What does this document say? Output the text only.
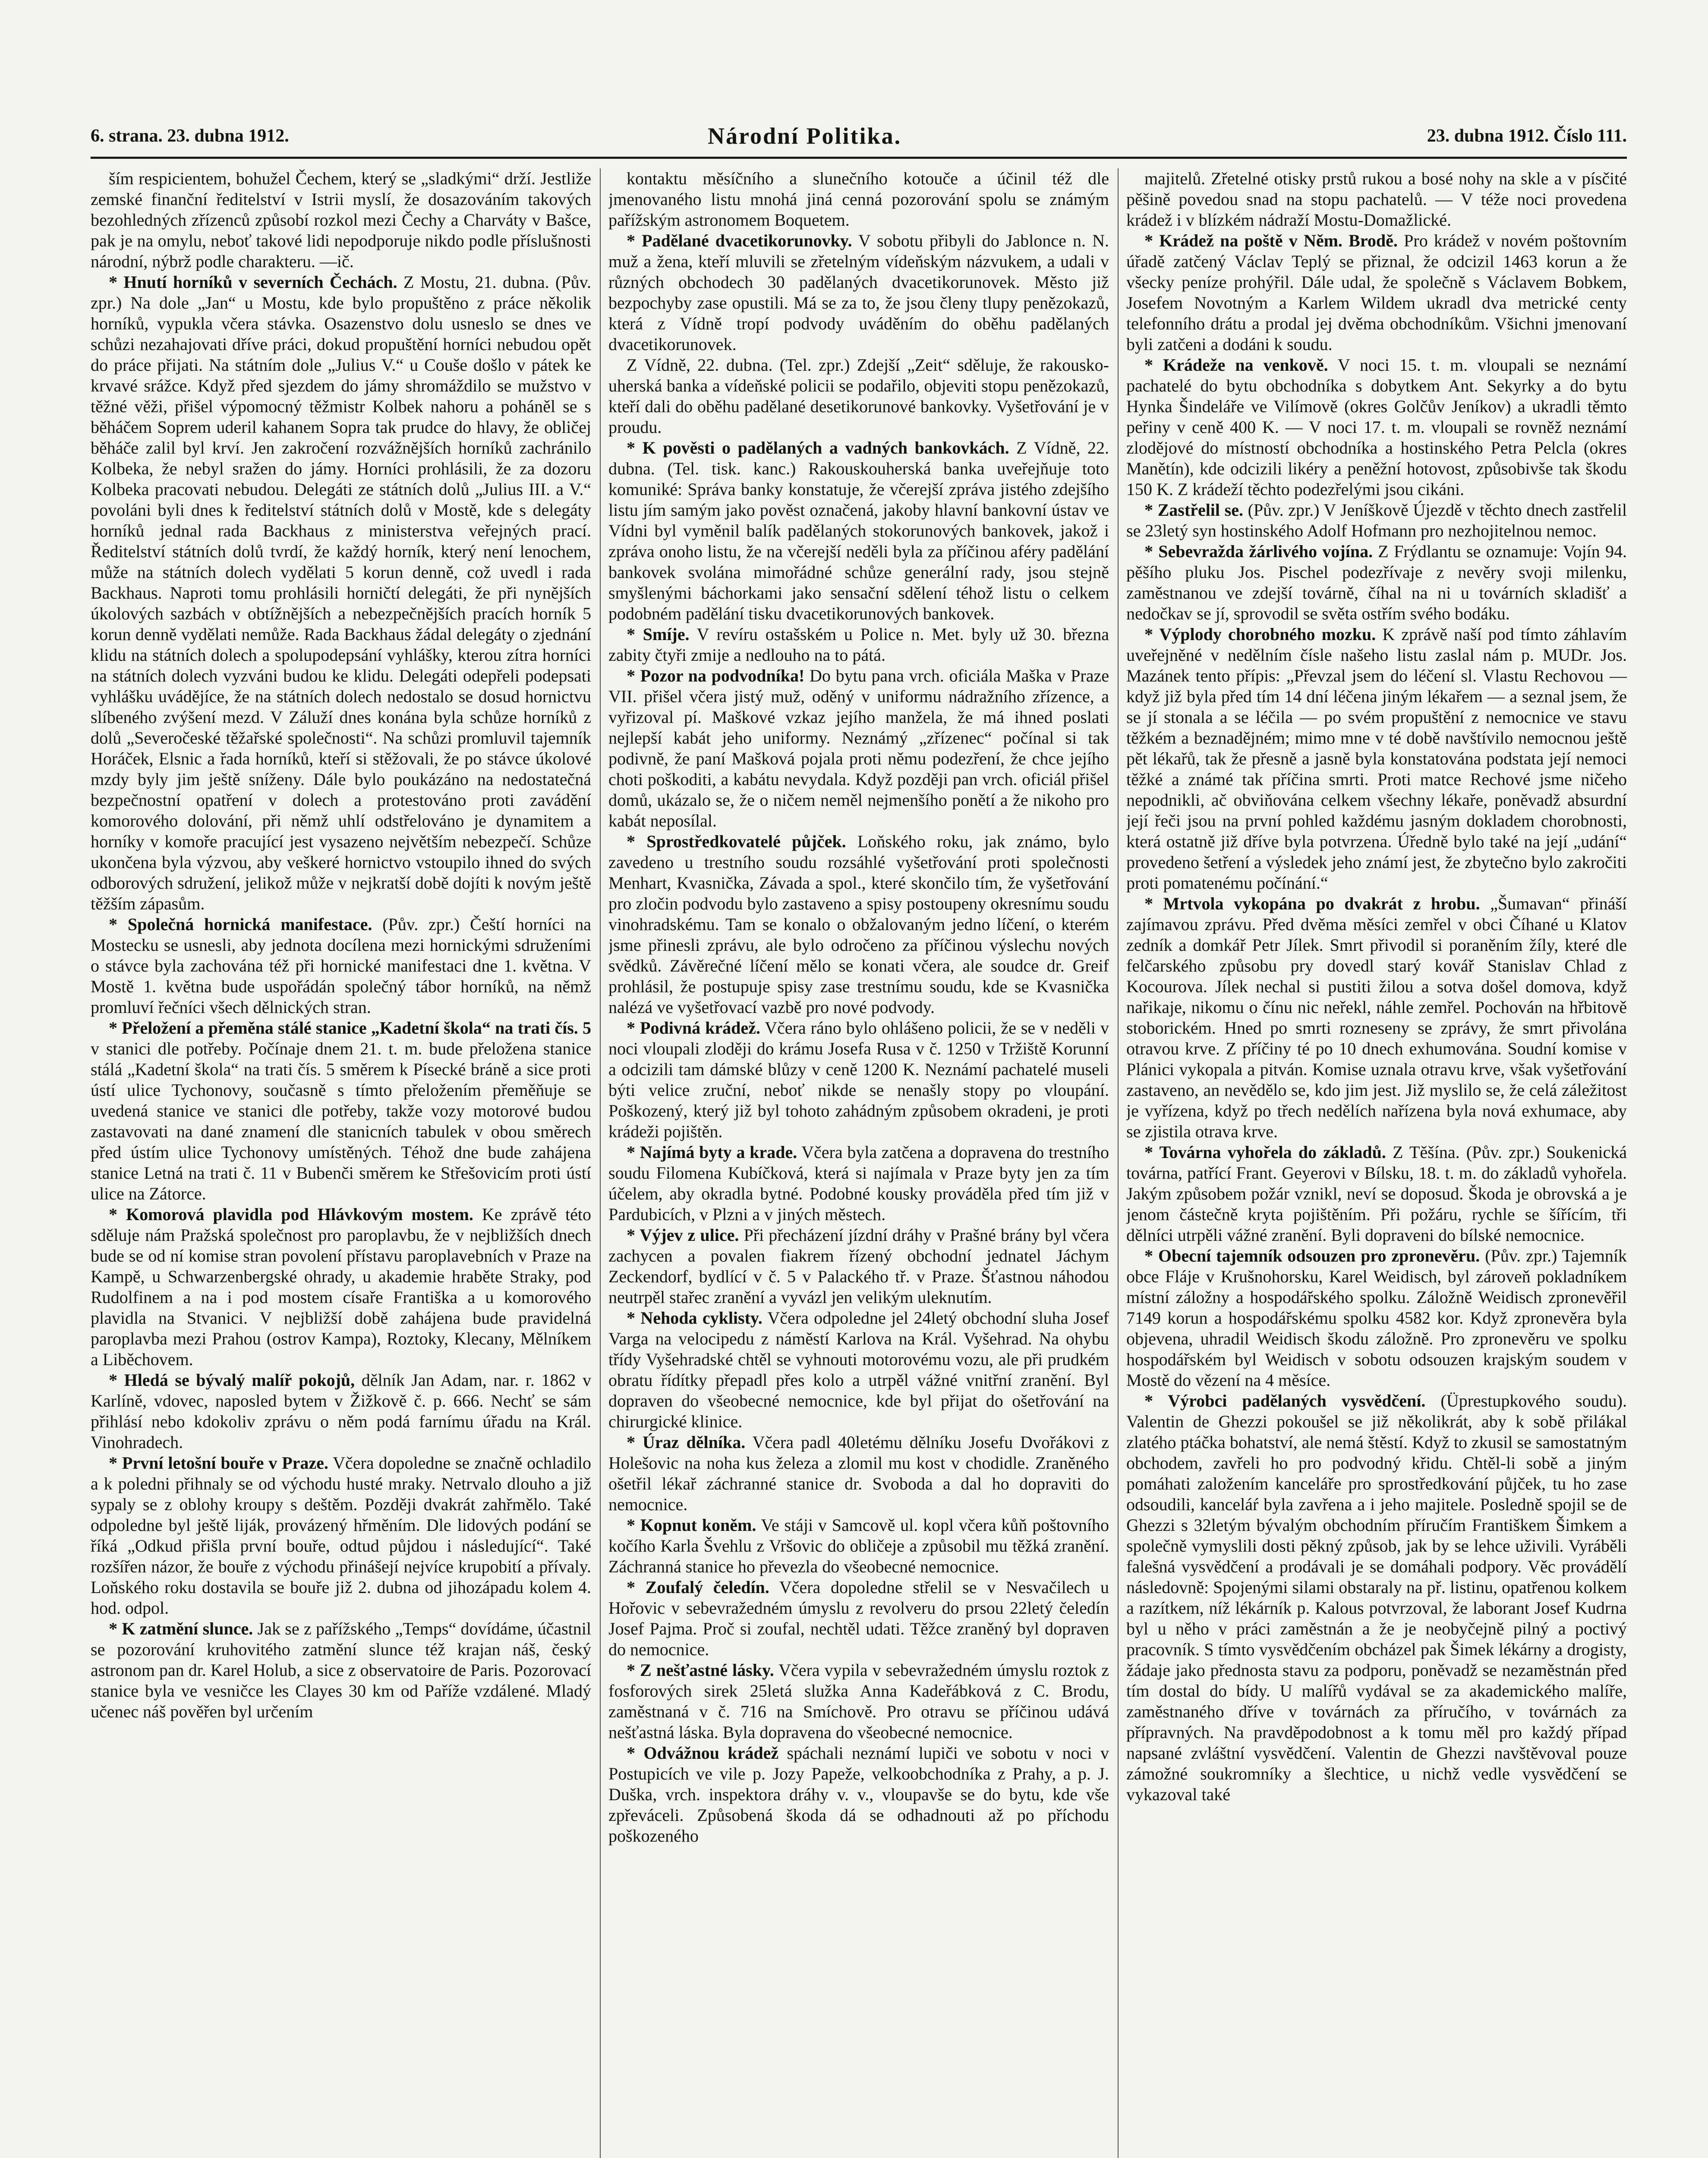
6. strana. 23. dubna 1912.	Národní Politika.	23. dubna 1912. Číslo 111.

ším respicientem, bohužel Čechem, který se „sladkými“ drží. Jestliže zemské finanční ředitelství v Istrii myslí, že dosazováním takových bezohledných zřízenců způsobí rozkol mezi Čechy a Charváty v Bašce, pak je na omylu, neboť takové lidi nepodporuje nikdo podle příslušnosti národní, nýbrž podle charakteru. —ič.

* Hnutí horníků v severních Čechách. Z Mostu, 21. dubna. (Pův. zpr.) Na dole „Jan“ u Mostu, kde bylo propuštěno z práce několik horníků, vypukla včera stávka. Osazenstvo dolu usneslo se dnes ve schůzi nezahajovati dříve práci, dokud propuštění horníci nebudou opět do práce přijati. Na státním dole „Julius V.“ u Couše došlo v pátek ke krvavé srážce. Když před sjezdem do jámy shromáždilo se mužstvo v těžné věži, přišel výpomocný těžmistr Kolbek nahoru a poháněl se s běháčem Soprem uderil kahanem Sopra tak prudce do hlavy, že obličej běháče zalil byl krví. Jen zakročení rozvážnějších horníků zachránilo Kolbeka, že nebyl sražen do jámy. Horníci prohlásili, že za dozoru Kolbeka pracovati nebudou. Delegáti ze státních dolů „Julius III. a V.“ povoláni byli dnes k ředitelství státních dolů v Mostě, kde s delegáty horníků jednal rada Backhaus z ministerstva veřejných prací. Ředitelství státních dolů tvrdí, že každý horník, který není lenochem, může na státních dolech vydělati 5 korun denně, což uvedl i rada Backhaus. Naproti tomu prohlásili horničtí delegáti, že při nynějších úkolových sazbách v obtížnějších a nebezpečnějších pracích horník 5 korun denně vydělati nemůže. Rada Backhaus žádal delegáty o zjednání klidu na státních dolech a spolupodepsání vyhlášky, kterou zítra horníci na státních dolech vyzváni budou ke klidu. Delegáti odepřeli podepsati vyhlášku uvádějíce, že na státních dolech nedostalo se dosud hornictvu slíbeného zvýšení mezd. V Záluží dnes konána byla schůze horníků z dolů „Severočeské těžařské společnosti“. Na schůzi promluvil tajemník Horáček, Elsnic a řada horníků, kteří si stěžovali, že po stávce úkolové mzdy byly jim ještě sníženy. Dále bylo poukázáno na nedostatečná bezpečnostní opatření v dolech a protestováno proti zavádění komorového dolování, při němž uhlí odstřelováno je dynamitem a horníky v komoře pracující jest vysazeno největším nebezpečí. Schůze ukončena byla výzvou, aby veškeré hornictvo vstoupilo ihned do svých odborových sdružení, jelikož může v nejkratší době dojíti k novým ještě těžším zápasům.

* Společná hornická manifestace. (Pův. zpr.) Čeští horníci na Mostecku se usnesli, aby jednota docílena mezi hornickými sdruženími o stávce byla zachována též při hornické manifestaci dne 1. května. V Mostě 1. května bude uspořádán společný tábor horníků, na němž promluví řečníci všech dělnických stran.

* Přeložení a přeměna stálé stanice „Kadetní škola“ na trati čís. 5 v stanici dle potřeby. Počínaje dnem 21. t. m. bude přeložena stanice stálá „Kadetní škola“ na trati čís. 5 směrem k Písecké bráně a sice proti ústí ulice Tychonovy, současně s tímto přeložením přeměňuje se uvedená stanice ve stanici dle potřeby, takže vozy motorové budou zastavovati na dané znamení dle stanicních tabulek v obou směrech před ústím ulice Tychonovy umístěných. Téhož dne bude zahájena stanice Letná na trati č. 11 v Bubenči směrem ke Střešovicím proti ústí ulice na Zátorce.

* Komorová plavidla pod Hlávkovým mostem. Ke zprávě této sděluje nám Pražská společnost pro paroplavbu, že v nejbližších dnech bude se od ní komise stran povolení přístavu paroplavebních v Praze na Kampě, u Schwarzenbergské ohrady, u akademie hraběte Straky, pod Rudolfinem a na i pod mostem císaře Františka a u komorového plavidla na Stvanici. V nejbližší době zahájena bude pravidelná paroplavba mezi Prahou (ostrov Kampa), Roztoky, Klecany, Mělníkem a Liběchovem.

* Hledá se bývalý malíř pokojů, dělník Jan Adam, nar. r. 1862 v Karlíně, vdovec, naposled bytem v Žižkově č. p. 666. Nechť se sám přihlásí nebo kdokoliv zprávu o něm podá farnímu úřadu na Král. Vinohradech.

* První letošní bouře v Praze. Včera dopoledne se značně ochladilo a k poledni přihnaly se od východu husté mraky. Netrvalo dlouho a již sypaly se z oblohy kroupy s deštěm. Později dvakrát zahřmělo. Také odpoledne byl ještě liják, provázený hřměním. Dle lidových podání se říká „Odkud přišla první bouře, odtud půjdou i následující“. Také rozšířen názor, že bouře z východu přinášejí nejvíce krupobití a přívaly. Loňského roku dostavila se bouře již 2. dubna od jihozápadu kolem 4. hod. odpol.

* K zatmění slunce. Jak se z pařížského „Temps“ dovídáme, účastnil se pozorování kruhovitého zatmění slunce též krajan náš, český astronom pan dr. Karel Holub, a sice z observatoire de Paris. Pozorovací stanice byla ve vesničce les Clayes 30 km od Paříže vzdálené. Mladý učenec náš pověřen byl určením

kontaktu měsíčního a slunečního kotouče a účinil též dle jmenovaného listu mnohá jiná cenná pozorování spolu se známým pařížským astronomem Boquetem.

* Padělané dvacetikorunovky. V sobotu přibyli do Jablonce n. N. muž a žena, kteří mluvili se zřetelným vídeňským názvukem, a udali v různých obchodech 30 padělaných dvacetikorunovek. Město již bezpochyby zase opustili. Má se za to, že jsou členy tlupy penězokazů, která z Vídně tropí podvody uváděním do oběhu padělaných dvacetikorunovek.

Z Vídně, 22. dubna. (Tel. zpr.) Zdejší „Zeit“ sděluje, že rakousko-uherská banka a vídeňské policii se podařilo, objeviti stopu penězokazů, kteří dali do oběhu padělané desetikorunové bankovky. Vyšetřování je v proudu.

* K pověsti o padělaných a vadných bankovkách. Z Vídně, 22. dubna. (Tel. tisk. kanc.) Rakouskouherská banka uveřejňuje toto komuniké: Správa banky konstatuje, že včerejší zpráva jistého zdejšího listu jím samým jako pověst označená, jakoby hlavní bankovní ústav ve Vídni byl vyměnil balík padělaných stokorunových bankovek, jakož i zpráva onoho listu, že na včerejší neděli byla za příčinou aféry padělání bankovek svolána mimořádné schůze generální rady, jsou stejně smyšlenými báchorkami jako sensační sdělení téhož listu o celkem podobném padělání tisku dvacetikorunových bankovek.

* Smíje. V revíru ostašském u Police n. Met. byly už 30. března zabity čtyři zmije a nedlouho na to pátá.

* Pozor na podvodníka! Do bytu pana vrch. oficiála Maška v Praze VII. přišel včera jistý muž, oděný v uniformu nádražního zřízence, a vyřizoval pí. Maškové vzkaz jejího manžela, že má ihned poslati nejlepší kabát jeho uniformy. Neznámý „zřízenec“ počínal si tak podivně, že paní Mašková pojala proti němu podezření, že chce jejího choti poškoditi, a kabátu nevydala. Když později pan vrch. oficiál přišel domů, ukázalo se, že o ničem neměl nejmenšího ponětí a že nikoho pro kabát neposílal.

* Sprostředkovatelé půjček. Loňského roku, jak známo, bylo zavedeno u trestního soudu rozsáhlé vyšetřování proti společnosti Menhart, Kvasnička, Závada a spol., které skončilo tím, že vyšetřování pro zločin podvodu bylo zastaveno a spisy postoupeny okresnímu soudu vinohradskému. Tam se konalo o obžalovaným jedno líčení, o kterém jsme přinesli zprávu, ale bylo odročeno za příčinou výslechu nových svědků. Závěrečné líčení mělo se konati včera, ale soudce dr. Greif prohlásil, že postupuje spisy zase trestnímu soudu, kde se Kvasnička nalézá ve vyšetřovací vazbě pro nové podvody.

* Podivná krádež. Včera ráno bylo ohlášeno policii, že se v neděli v noci vloupali zloději do krámu Josefa Rusa v č. 1250 v Tržiště Korunní a odcizili tam dámské blůzy v ceně 1200 K. Neznámí pachatelé museli býti velice zruční, neboť nikde se nenašly stopy po vloupání. Poškozený, který již byl tohoto zahádným způsobem okradeni, je proti krádeži pojištěn.

* Najímá byty a krade. Včera byla zatčena a dopravena do trestního soudu Filomena Kubíčková, která si najímala v Praze byty jen za tím účelem, aby okradla bytné. Podobné kousky prováděla před tím již v Pardubicích, v Plzni a v jiných městech.

* Výjev z ulice. Při přecházení jízdní dráhy v Prašné brány byl včera zachycen a povalen fiakrem řízený obchodní jednatel Jáchym Zeckendorf, bydlící v č. 5 v Palackého tř. v Praze. Šťastnou náhodou neutrpěl stařec zranění a vyvázl jen velikým uleknutím.

* Nehoda cyklisty. Včera odpoledne jel 24letý obchodní sluha Josef Varga na velocipedu z náměstí Karlova na Král. Vyšehrad. Na ohybu třídy Vyšehradské chtěl se vyhnouti motorovému vozu, ale při prudkém obratu řídítky přepadl přes kolo a utrpěl vážné vnitřní zranění. Byl dopraven do všeobecné nemocnice, kde byl přijat do ošetřování na chirurgické klinice.

* Úraz dělníka. Včera padl 40letému dělníku Josefu Dvořákovi z Holešovic na noha kus železa a zlomil mu kost v chodidle. Zraněného ošetřil lékař záchranné stanice dr. Svoboda a dal ho dopraviti do nemocnice.

* Kopnut koněm. Ve stáji v Samcově ul. kopl včera kůň poštovního kočího Karla Švehlu z Vršovic do obličeje a způsobil mu těžká zranění. Záchranná stanice ho převezla do všeobecné nemocnice.

* Zoufalý čeledín. Včera dopoledne střelil se v Nesvačilech u Hořovic v sebevražedném úmyslu z revolveru do prsou 22letý čeledín Josef Pajma. Proč si zoufal, nechtěl udati. Těžce zraněný byl dopraven do nemocnice.

* Z nešťastné lásky. Včera vypila v sebevražedném úmyslu roztok z fosforových sirek 25letá služka Anna Kadeřábková z C. Brodu, zaměstnaná v č. 716 na Smíchově. Pro otravu se příčinou udává nešťastná láska. Byla dopravena do všeobecné nemocnice.

* Odvážnou krádež spáchali neznámí lupiči ve sobotu v noci v Postupicích ve vile p. Jozy Papeže, velkoobchodníka z Prahy, a p. J. Duška, vrch. inspektora dráhy v. v., vloupavše se do bytu, kde vše zpřeváceli. Způsobená škoda dá se odhadnouti až po příchodu poškozeného

majitelů. Zřetelné otisky prstů rukou a bosé nohy na skle a v písčité pěšině povedou snad na stopu pachatelů. — V téže noci provedena krádež i v blízkém nádraží Mostu-Domažlické.

* Krádež na poště v Něm. Brodě. Pro krádež v novém poštovním úřadě zatčený Václav Teplý se přiznal, že odcizil 1463 korun a že všecky peníze prohýřil. Dále udal, že společně s Václavem Bobkem, Josefem Novotným a Karlem Wildem ukradl dva metrické centy telefonního drátu a prodal jej dvěma obchodníkům. Všichni jmenovaní byli zatčeni a dodáni k soudu.

* Krádeže na venkově. V noci 15. t. m. vloupali se neznámí pachatelé do bytu obchodníka s dobytkem Ant. Sekyrky a do bytu Hynka Šindeláře ve Vilímově (okres Golčův Jeníkov) a ukradli těmto peřiny v ceně 400 K. — V noci 17. t. m. vloupali se rovněž neznámí zlodějové do místností obchodníka a hostinského Petra Pelcla (okres Manětín), kde odcizili likéry a peněžní hotovost, způsobivše tak škodu 150 K. Z krádeží těchto podezřelými jsou cikáni.

* Zastřelil se. (Pův. zpr.) V Jeníškově Újezdě v těchto dnech zastřelil se 23letý syn hostinského Adolf Hofmann pro nezhojitelnou nemoc.

* Sebevražda žárlivého vojína. Z Frýdlantu se oznamuje: Vojín 94. pěšího pluku Jos. Pischel podezřívaje z nevěry svoji milenku, zaměstnanou ve zdejší továrně, číhal na ni u továrních skladišť a nedočkav se jí, sprovodil se světa ostřím svého bodáku.

* Výplody chorobného mozku. K zprávě naší pod tímto záhlavím uveřejněné v nedělním čísle našeho listu zaslal nám p. MUDr. Jos. Mazánek tento přípis: „Převzal jsem do léčení sl. Vlastu Rechovou — když již byla před tím 14 dní léčena jiným lékařem — a seznal jsem, že se jí stonala a se léčila — po svém propuštění z nemocnice ve stavu těžkém a beznadějném; mimo mne v té době navštívilo nemocnou ještě pět lékařů, tak že přesně a jasně byla konstatována podstata její nemoci těžké a známé tak příčina smrti. Proti matce Rechové jsme ničeho nepodnikli, ač obviňována celkem všechny lékaře, poněvadž absurdní její řeči jsou na první pohled každému jasným dokladem chorobnosti, která ostatně již dříve byla potvrzena. Úředně bylo také na její „udání“ provedeno šetření a výsledek jeho známí jest, že zbytečno bylo zakročiti proti pomatenému počínání.“

* Mrtvola vykopána po dvakrát z hrobu. „Šumavan“ přináší zajímavou zprávu. Před dvěma měsíci zemřel v obci Číhané u Klatov zedník a domkář Petr Jílek. Smrt přivodil si poraněním žíly, které dle felčarského způsobu pry dovedl starý kovář Stanislav Chlad z Kocourova. Jílek nechal si pustiti žilou a sotva došel domova, když nařikaje, nikomu o čínu nic neřekl, náhle zemřel. Pochován na hřbitově stoborickém. Hned po smrti rozneseny se zprávy, že smrt přivolána otravou krve. Z příčiny té po 10 dnech exhumována. Soudní komise v Plánici vykopala a pitván. Komise uznala otravu krve, však vyšetřování zastaveno, an nevědělo se, kdo jim jest. Již myslilo se, že celá záležitost je vyřízena, když po třech nedělích nařízena byla nová exhumace, aby se zjistila otrava krve.

* Továrna vyhořela do základů. Z Těšína. (Pův. zpr.) Soukenická továrna, patřící Frant. Geyerovi v Bílsku, 18. t. m. do základů vyhořela. Jakým způsobem požár vznikl, neví se doposud. Škoda je obrovská a je jenom částečně kryta pojištěním. Při požáru, rychle se šířícím, tři dělníci utrpěli vážné zranění. Byli dopraveni do bílské nemocnice.

* Obecní tajemník odsouzen pro zpronevěru. (Pův. zpr.) Tajemník obce Fláje v Krušnohorsku, Karel Weidisch, byl zároveň pokladníkem místní záložny a hospodářského spolku. Záložně Weidisch zpronevěřil 7149 korun a hospodářskému spolku 4582 kor. Když zpronevěra byla objevena, uhradil Weidisch škodu záložně. Pro zpronevěru ve spolku hospodářském byl Weidisch v sobotu odsouzen krajským soudem v Mostě do vězení na 4 měsíce.

* Výrobci padělaných vysvědčení. (Üprestupkového soudu). Valentin de Ghezzi pokoušel se již několikrát, aby k sobě přilákal zlatého ptáčka bohatství, ale nemá štěstí. Když to zkusil se samostatným obchodem, zavřeli ho pro podvodný křidu. Chtěl-li sobě a jiným pomáhati založením kanceláře pro sprostředkování půjček, tu ho zase odsoudili, kanceláŕ byla zavřena a i jeho majitele. Posledně spojil se de Ghezzi s 32letým bývalým obchodním příručím Františkem Šimkem a společně vymyslili dosti pěkný způsob, jak by se lehce uživili. Vyráběli falešná vysvědčení a prodávali je se domáhali podpory. Věc provádělí následovně: Spojenými silami obstaraly na př. listinu, opatřenou kolkem a razítkem, níž lékárník p. Kalous potvrzoval, že laborant Josef Kudrna byl u něho v práci zaměstnán a že je neobyčejně pilný a poctivý pracovník. S tímto vysvědčením obcházel pak Šimek lékárny a drogisty, žádaje jako přednosta stavu za podporu, poněvadž se nezaměstnán před tím dostal do bídy. U malířů vydával se za akademického malíře, zaměstnaného dříve v továrnách za příručího, v továrnách za přípravných. Na pravděpodobnost a k tomu měl pro každý případ napsané zvláštní vysvědčení. Valentin de Ghezzi navštěvoval pouze zámožné soukromníky a šlechtice, u nichž vedle vysvědčení se vykazoval také
